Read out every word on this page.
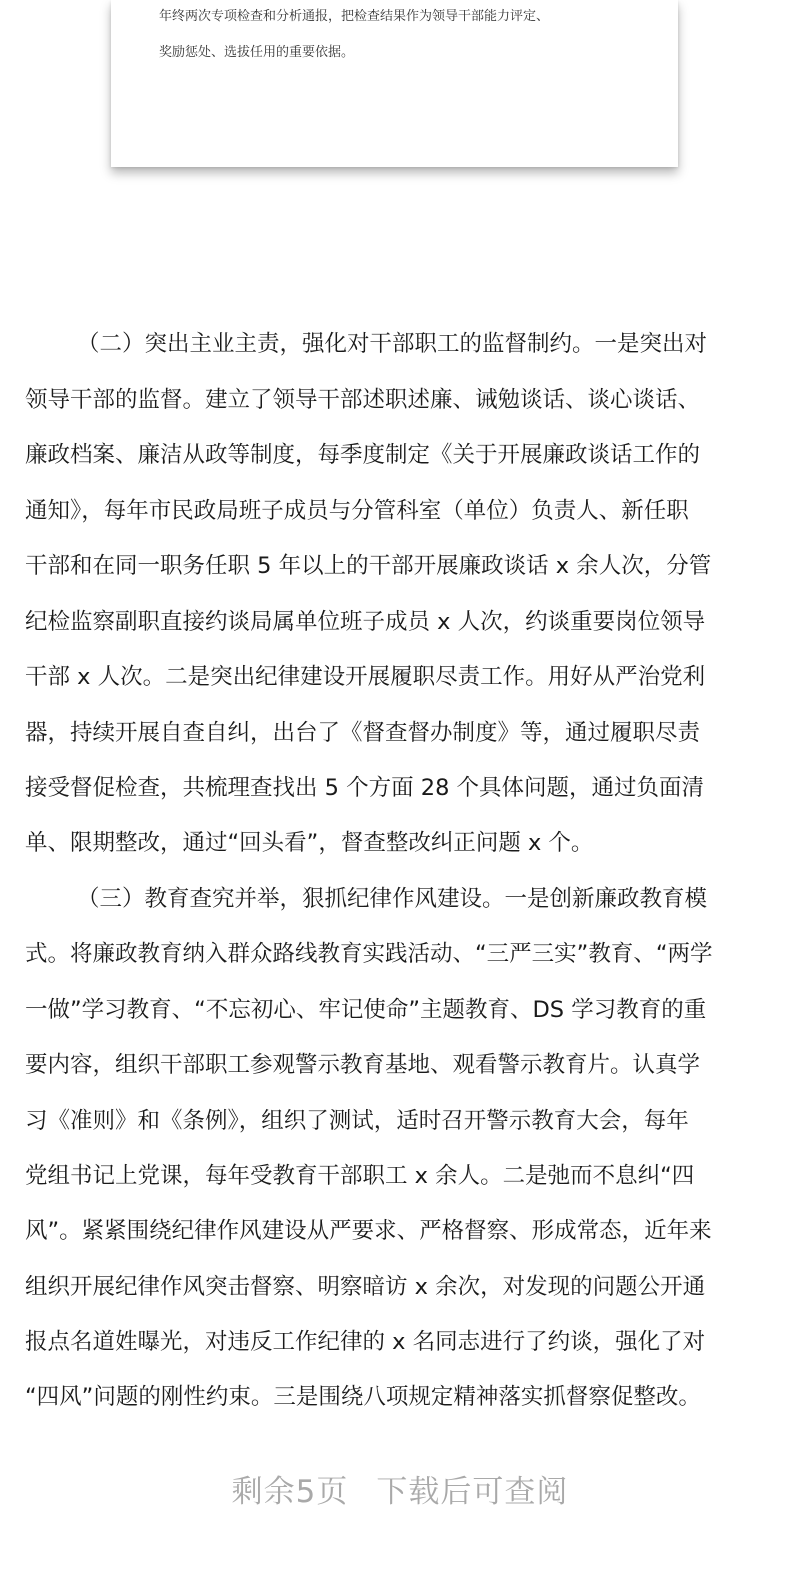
年终两次专项检查和分析通报，把检查结果作为领导干部能力评定、
奖励惩处、选拔任用的重要依据。
（二）突出主业主责，强化对干部职工的监督制约。一是突出对
领导干部的监督。建立了领导干部述职述廉、诫勉谈话、谈心谈话、
廉政档案、廉洁从政等制度，每季度制定《关于开展廉政谈话工作的
通知》，每年市民政局班子成员与分管科室（单位）负责人、新任职
干部和在同一职务任职 5 年以上的干部开展廉政谈话 x 余人次，分管
纪检监察副职直接约谈局属单位班子成员 x 人次，约谈重要岗位领导
干部 x 人次。二是突出纪律建设开展履职尽责工作。用好从严治党利
器，持续开展自查自纠，出台了《督查督办制度》等，通过履职尽责
接受督促检查，共梳理查找出 5 个方面 28 个具体问题，通过负面清
单、限期整改，通过“回头看”，督查整改纠正问题 x 个。
（三）教育查究并举，狠抓纪律作风建设。一是创新廉政教育模
式。将廉政教育纳入群众路线教育实践活动、“三严三实”教育、“两学
一做”学习教育、“不忘初心、牢记使命”主题教育、DS 学习教育的重
要内容，组织干部职工参观警示教育基地、观看警示教育片。认真学
习《准则》和《条例》，组织了测试，适时召开警示教育大会，每年
党组书记上党课，每年受教育干部职工 x 余人。二是弛而不息纠“四
风”。紧紧围绕纪律作风建设从严要求、严格督察、形成常态，近年来
组织开展纪律作风突击督察、明察暗访 x 余次，对发现的问题公开通
报点名道姓曝光，对违反工作纪律的 x 名同志进行了约谈，强化了对
“四风”问题的刚性约束。三是围绕八项规定精神落实抓督察促整改。
剩余5页 下载后可查阅
